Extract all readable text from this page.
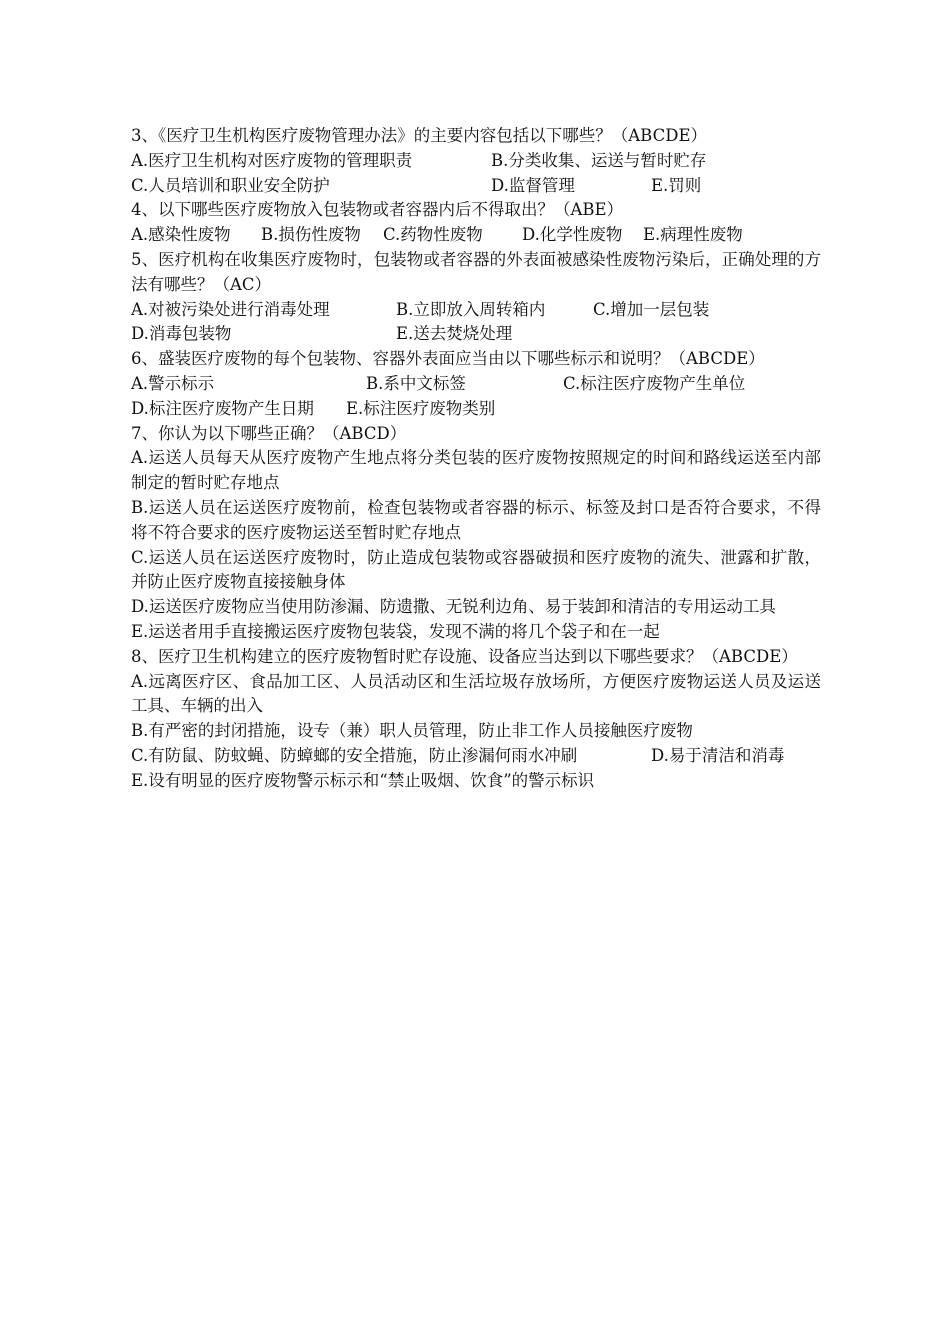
3、《医疗卫生机构医疗废物管理办法》的主要内容包括以下哪些？（ABCDE）
A.医疗卫生机构对医疗废物的管理职责	B.分类收集、运送与暂时贮存
C.人员培训和职业安全防护	D.监督管理	E.罚则
4、以下哪些医疗废物放入包装物或者容器内后不得取出？（ABE）
A.感染性废物 B.损伤性废物 C.药物性废物 D.化学性废物 E.病理性废物
5、医疗机构在收集医疗废物时，包装物或者容器的外表面被感染性废物污染后，正确处理的方法有哪些？（AC）
A.对被污染处进行消毒处理	B.立即放入周转箱内	C.增加一层包装
D.消毒包装物	E.送去焚烧处理
6、盛装医疗废物的每个包装物、容器外表面应当由以下哪些标示和说明？（ABCDE）
A.警示标示	B.系中文标签	C.标注医疗废物产生单位
D.标注医疗废物产生日期 E.标注医疗废物类别
7、你认为以下哪些正确？（ABCD）
A.运送人员每天从医疗废物产生地点将分类包装的医疗废物按照规定的时间和路线运送至内部制定的暂时贮存地点
B.运送人员在运送医疗废物前，检查包装物或者容器的标示、标签及封口是否符合要求，不得将不符合要求的医疗废物运送至暂时贮存地点
C.运送人员在运送医疗废物时，防止造成包装物或容器破损和医疗废物的流失、泄露和扩散，并防止医疗废物直接接触身体
D.运送医疗废物应当使用防渗漏、防遗撒、无锐利边角、易于装卸和清洁的专用运动工具
E.运送者用手直接搬运医疗废物包装袋，发现不满的将几个袋子和在一起
8、医疗卫生机构建立的医疗废物暂时贮存设施、设备应当达到以下哪些要求？（ABCDE）
A.远离医疗区、食品加工区、人员活动区和生活垃圾存放场所，方便医疗废物运送人员及运送工具、车辆的出入
B.有严密的封闭措施，设专（兼）职人员管理，防止非工作人员接触医疗废物
C.有防鼠、防蚊蝇、防蟑螂的安全措施，防止渗漏何雨水冲刷	D.易于清洁和消毒
E.设有明显的医疗废物警示标示和“禁止吸烟、饮食”的警示标识
